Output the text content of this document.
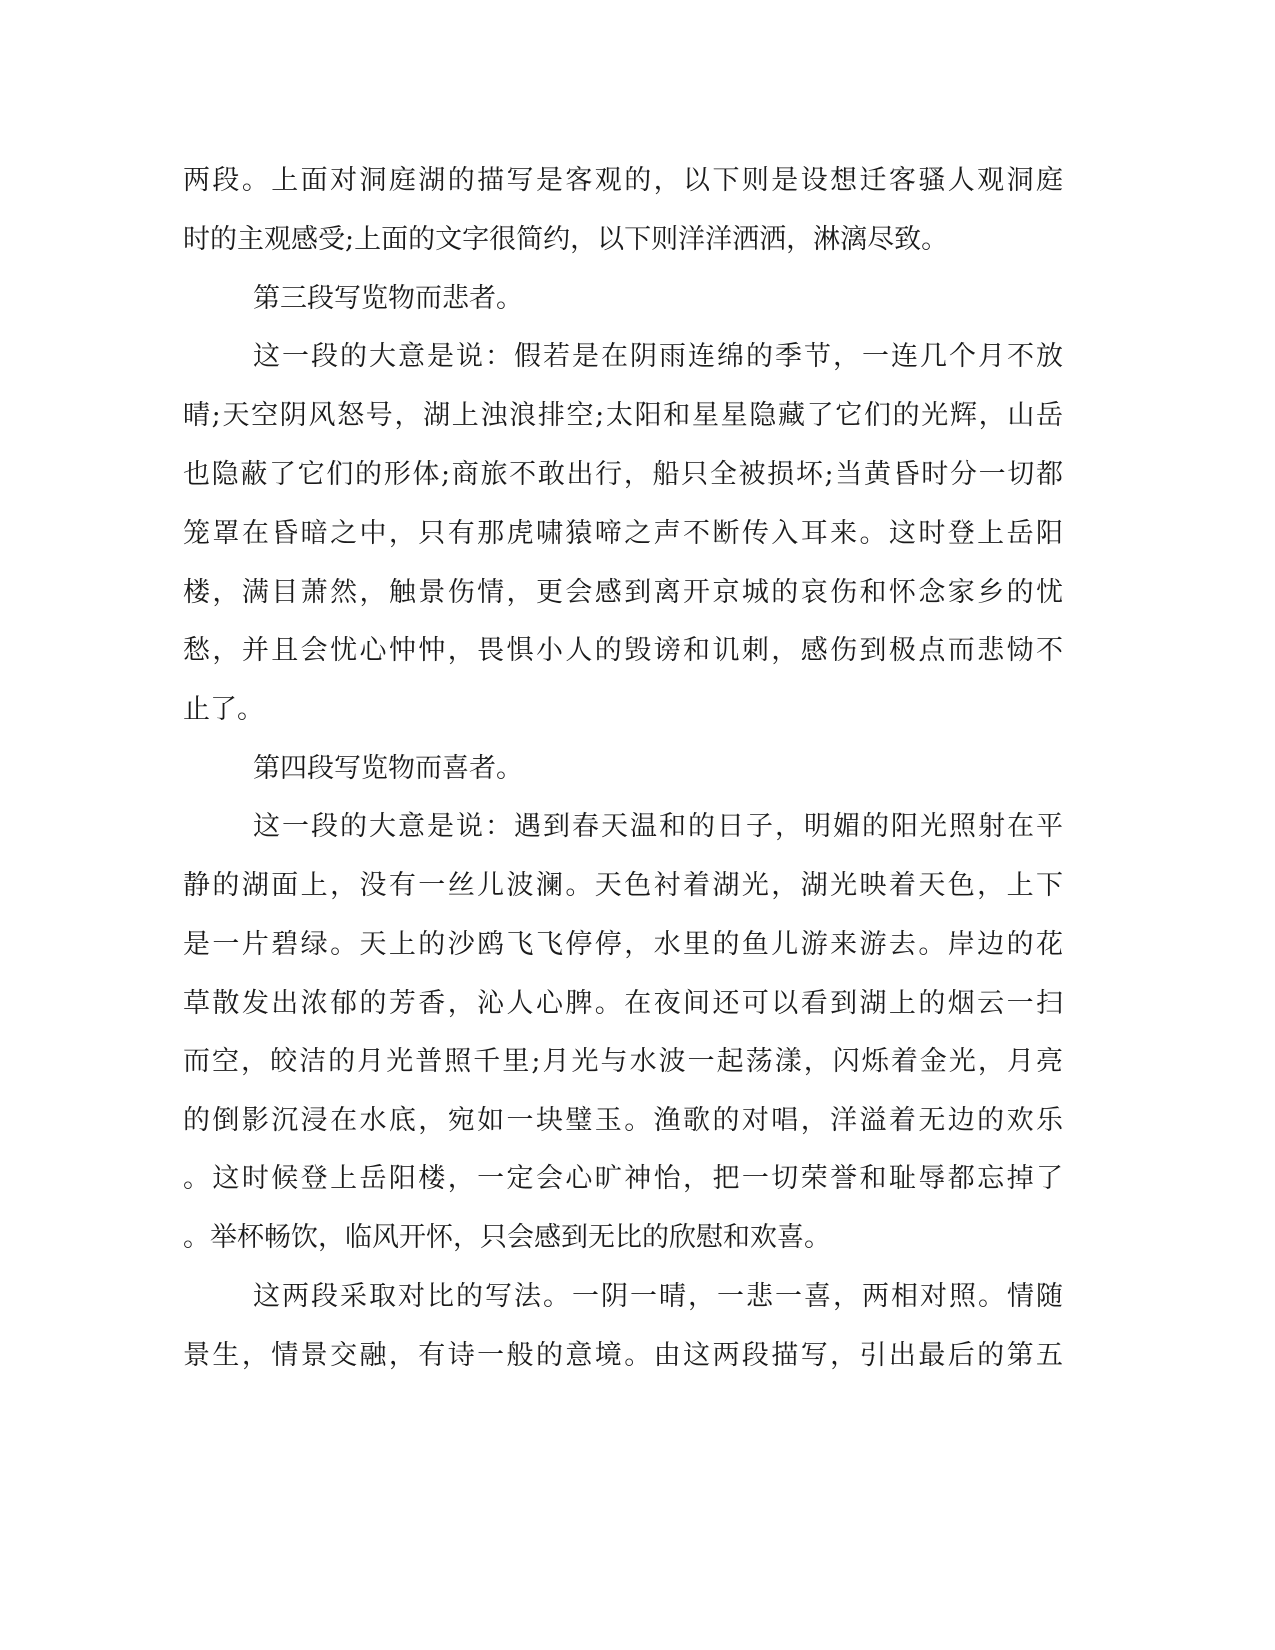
两段。上面对洞庭湖的描写是客观的，以下则是设想迁客骚人观洞庭
时的主观感受;上面的文字很简约，以下则洋洋洒洒，淋漓尽致。
第三段写览物而悲者。
这一段的大意是说：假若是在阴雨连绵的季节，一连几个月不放
晴;天空阴风怒号，湖上浊浪排空;太阳和星星隐藏了它们的光辉，山岳
也隐蔽了它们的形体;商旅不敢出行，船只全被损坏;当黄昏时分一切都
笼罩在昏暗之中，只有那虎啸猿啼之声不断传入耳来。这时登上岳阳
楼，满目萧然，触景伤情，更会感到离开京城的哀伤和怀念家乡的忧
愁，并且会忧心忡忡，畏惧小人的毁谤和讥刺，感伤到极点而悲恸不
止了。
第四段写览物而喜者。
这一段的大意是说：遇到春天温和的日子，明媚的阳光照射在平
静的湖面上，没有一丝儿波澜。天色衬着湖光，湖光映着天色，上下
是一片碧绿。天上的沙鸥飞飞停停，水里的鱼儿游来游去。岸边的花
草散发出浓郁的芳香，沁人心脾。在夜间还可以看到湖上的烟云一扫
而空，皎洁的月光普照千里;月光与水波一起荡漾，闪烁着金光，月亮
的倒影沉浸在水底，宛如一块璧玉。渔歌的对唱，洋溢着无边的欢乐
。这时候登上岳阳楼，一定会心旷神怡，把一切荣誉和耻辱都忘掉了
。举杯畅饮，临风开怀，只会感到无比的欣慰和欢喜。
这两段采取对比的写法。一阴一晴，一悲一喜，两相对照。情随
景生，情景交融，有诗一般的意境。由这两段描写，引出最后的第五
